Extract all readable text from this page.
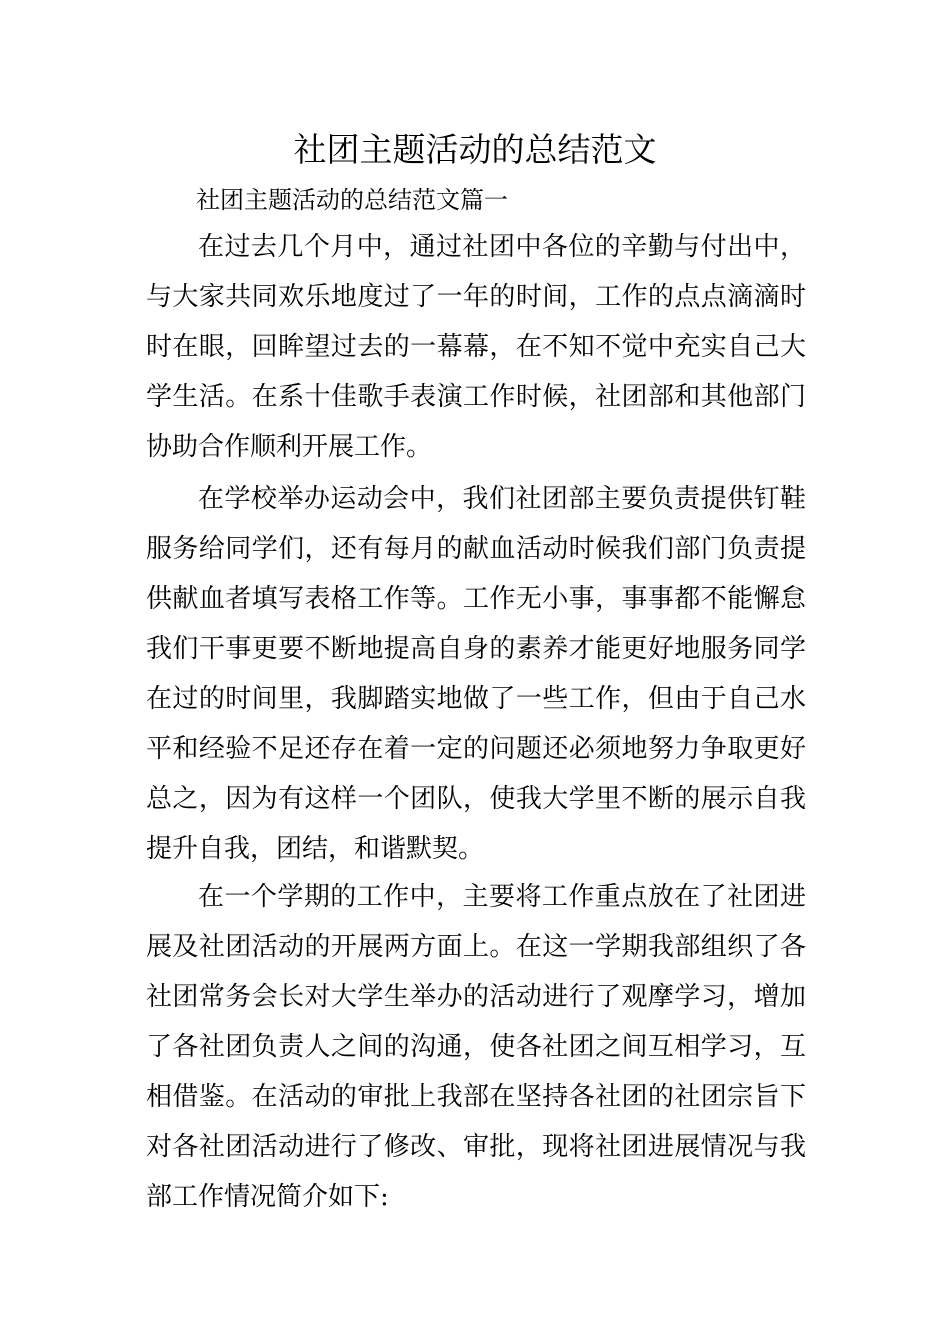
社团主题活动的总结范文

社团主题活动的总结范文篇一

在过去几个月中，通过社团中各位的辛勤与付出中，
与大家共同欢乐地度过了一年的时间，工作的点点滴滴时
时在眼，回眸望过去的一幕幕，在不知不觉中充实自己大
学生活。在系十佳歌手表演工作时候，社团部和其他部门
协助合作顺利开展工作。
在学校举办运动会中，我们社团部主要负责提供钉鞋
服务给同学们，还有每月的献血活动时候我们部门负责提
供献血者填写表格工作等。工作无小事，事事都不能懈怠
我们干事更要不断地提高自身的素养才能更好地服务同学
在过的时间里，我脚踏实地做了一些工作，但由于自己水
平和经验不足还存在着一定的问题还必须地努力争取更好
总之，因为有这样一个团队，使我大学里不断的展示自我
提升自我，团结，和谐默契。
在一个学期的工作中，主要将工作重点放在了社团进
展及社团活动的开展两方面上。在这一学期我部组织了各
社团常务会长对大学生举办的活动进行了观摩学习，增加
了各社团负责人之间的沟通，使各社团之间互相学习，互
相借鉴。在活动的审批上我部在坚持各社团的社团宗旨下
对各社团活动进行了修改、审批，现将社团进展情况与我
部工作情况简介如下:
